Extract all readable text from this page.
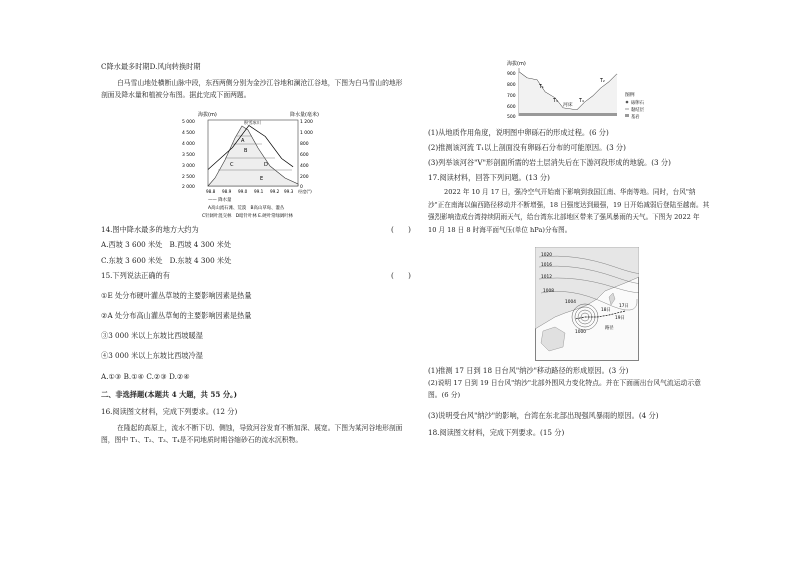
C降水最多时期D.风向转换时期
白马雪山地处横断山脉中段，东西两侧分别为金沙江谷地和澜沧江谷地，下图为白马雪山的地形剖面及降水量和植被分布图。据此完成下面两题。
海拔(m)	降水量(毫米)
5 000
4 500
4 000
3 500
3 000
2 500
2 000
1 200
1 000
800
600
400
200
0
A
B
C	D
E
积雪冰川
98.8 98.9 99.0 99.1 99.2 99.3 经度(°)
—— 降水量
A高山流石滩、荒漠　B高山草甸、灌丛
C针阔叶混交林　D暗针叶林 E.硬叶常绿阔叶林
14.图中降水最多的地方大约为	(　　)
A.西坡 3 600 米处　B.西坡 4 300 米处
C.东坡 3 600 米处　D.东坡 4 300 米处
15.下列说法正确的有	(　　)
①E 处分布硬叶灌丛草坡的主要影响因素是热量
②A 处分布高山灌丛草甸的主要影响因素是热量
③3 000 米以上东坡比西坡暖湿
④3 000 米以上东坡比西坡冷湿
A.①③ B.①④ C.②③ D.②④
二、非选择题(本题共 4 大题，共 55 分。)
16.阅读图文材料，完成下列要求。(12 分)
在隆起的高原上，流水不断下切、侧蚀，导致河谷发育不断加深、展宽。下图为某河谷地形剖面图，图中 T₁、T₂、T₃、T₄是不同地质时期谷缩砂石的流水沉积物。
海拔(m)
900
800
700
600
500
T₁
T₂
T₃	T₄
河床
图例
砾卵石
黏结层
基岩
(1)从地质作用角度，说明图中卵砾石的形成过程。(6 分)
(2)推测该河流 T₁以上剖面没有卵砾石分布的可能原因。(3 分)
(3)列举该河谷"V"形剖面所需的岩土层消失后在下游河段形成的地貌。(3 分)
17.阅读材料，回答下列问题。(13 分)
2022 年 10 月 17 日，强冷空气开始南下影响到我国江南、华南等地。同时，台风"纳沙"正在南海以偏西路径移动并不断增强，18 日强度达到最强，19 日开始减弱后登陆至越南。其强烈影响造成台湾持续阴雨天气，给台湾东北部地区带来了强风暴雨的天气。下图为 2022 年 10 月 18 日 8 时海平面气压(单位 hPa)分布图。
1020
1016
1012
1008
1004
1000
17日
18日
19日
路径
(1)推测 17 日到 18 日台风"纳沙"移动路径的形成原因。(3 分)
(2)说明 17 日到 19 日台风"纳沙"北部外围风力变化特点。并在下面画出台风气流运动示意图。(6 分)
(3)说明受台风"纳沙"的影响，台湾在东北部出现强风暴雨的原因。(4 分)
18.阅读图文材料，完成下列要求。(15 分)
